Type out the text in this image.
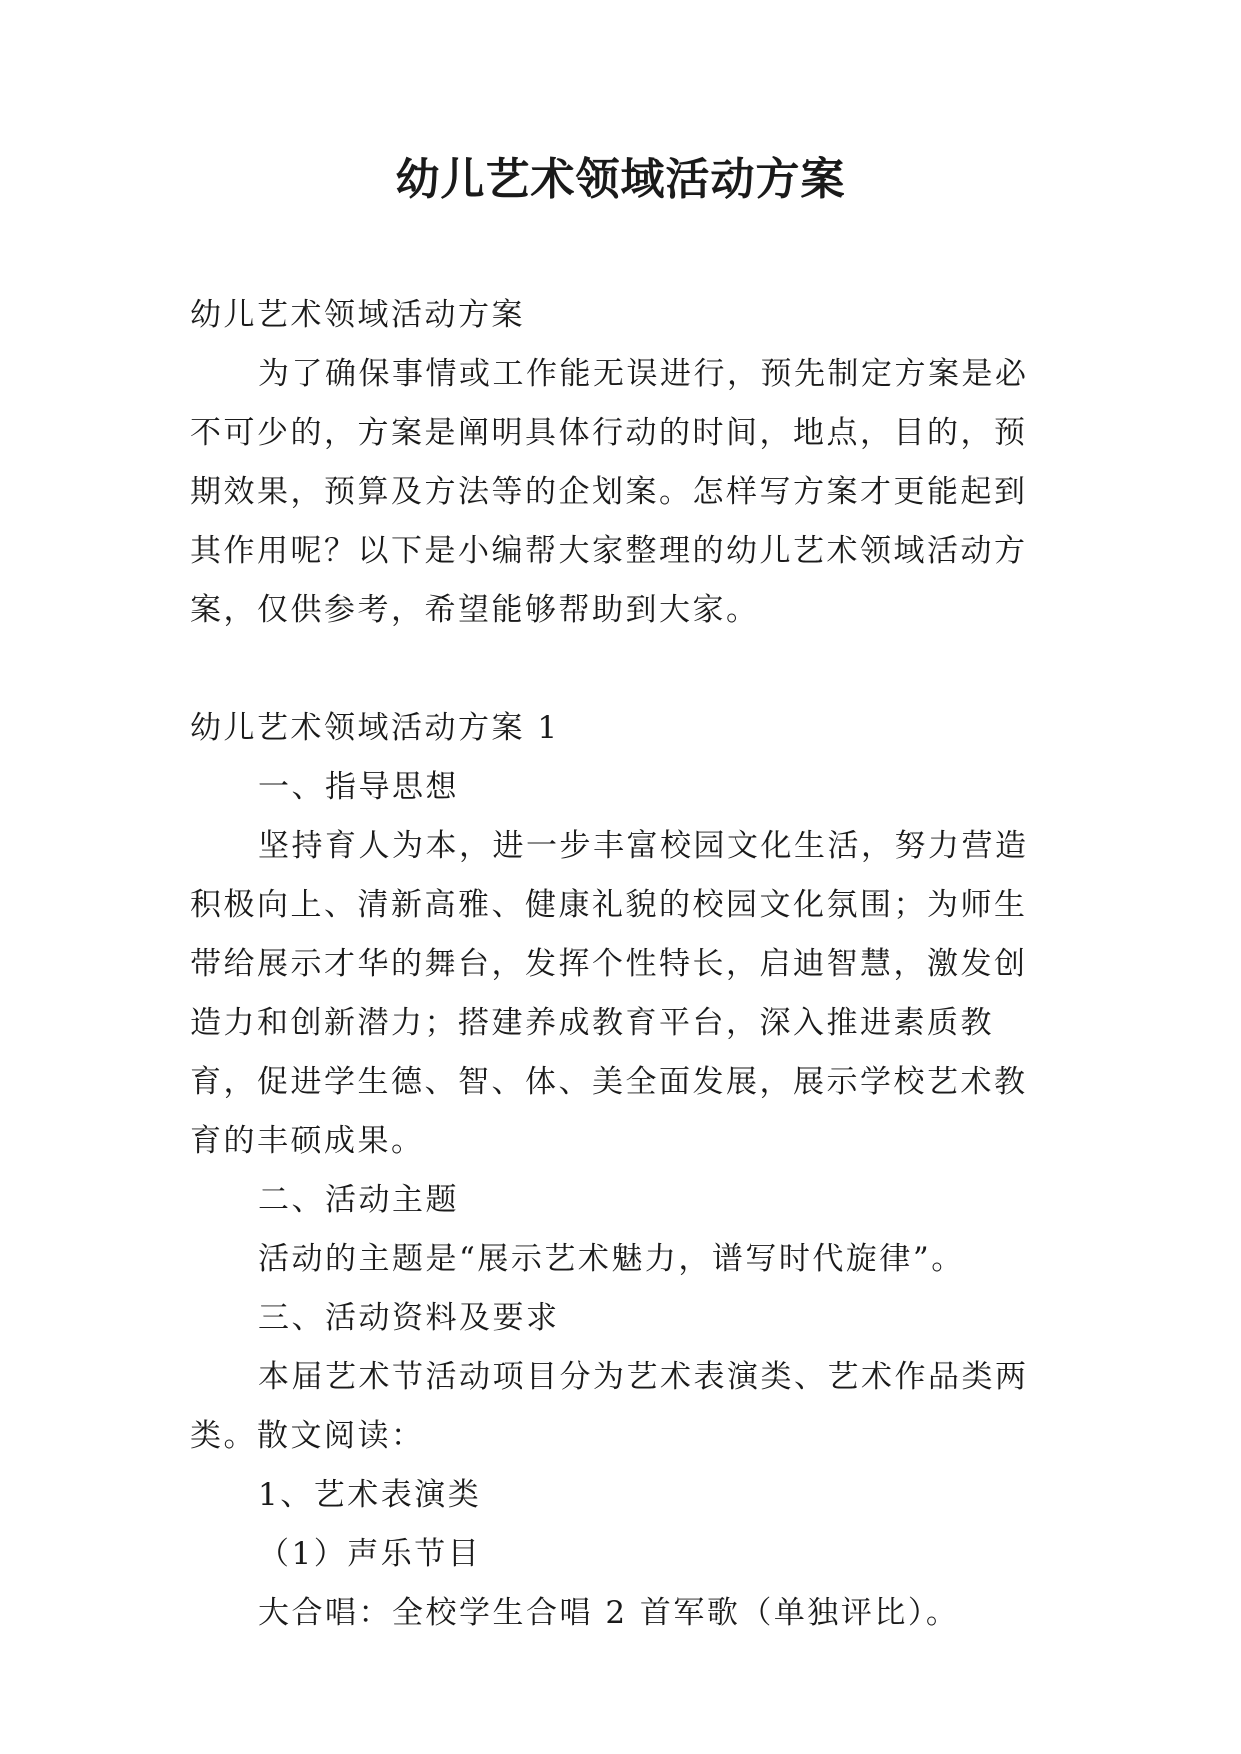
幼儿艺术领域活动方案

幼儿艺术领域活动方案

为了确保事情或工作能无误进行，预先制定方案是必不可少的，方案是阐明具体行动的时间，地点，目的，预期效果，预算及方法等的企划案。怎样写方案才更能起到其作用呢？以下是小编帮大家整理的幼儿艺术领域活动方案，仅供参考，希望能够帮助到大家。

幼儿艺术领域活动方案 1

一、指导思想

坚持育人为本，进一步丰富校园文化生活，努力营造积极向上、清新高雅、健康礼貌的校园文化氛围；为师生带给展示才华的舞台，发挥个性特长，启迪智慧，激发创造力和创新潜力；搭建养成教育平台，深入推进素质教育，促进学生德、智、体、美全面发展，展示学校艺术教育的丰硕成果。

二、活动主题

活动的主题是“展示艺术魅力，谱写时代旋律”。

三、活动资料及要求

本届艺术节活动项目分为艺术表演类、艺术作品类两类。散文阅读：

1、艺术表演类

（1）声乐节目

大合唱：全校学生合唱 2 首军歌（单独评比）。
